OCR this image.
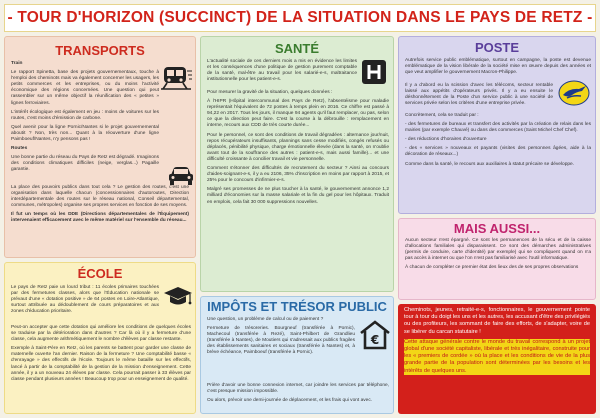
- TOUR D'HORIZON (SUCCINCT) DE LA SITUATION DANS LE PAYS DE RETZ -
TRANSPORTS

Train

Le rapport Spinetta, base des projets gouvernementaux, touche à l'emploi des cheminots mais va également concerner les usagers, les petits commerces et les entreprises, ou du moins l'activité économique des régions concernées. Une question qui peut rassembler sur un même objectif la réunification des « petites » lignes ferroviaires.

L'intérêt écologique est également en jeu : moins de voitures sur les routes, c'est moins d'émission de carbone.

Quel avenir pour la ligne Pornic/Nantes si le projet gouvernemental aboutit ? Non, très non... Quant à la réouverture d'une ligne Paimboeuf/Nantes, n'y pensons pas !

Routes

Une bonne partie du réseau du Pays de Retz est dégradé. Imaginons des conditions climatiques difficiles (neige, verglas...) Pagaille garantie.

La place des pouvoirs publics dans tout cela ? Le gestion des routes, c'est une organisation dans laquelle chacun (concessionnaires d'autoroutes, Direction interdépartementale des routes sur le réseau national, Conseil départemental, communes, métropoles) organise ses propres services en fonction de ses moyens.

Il fut un temps où les DDE (Directions départementales de l'Équipement) intervenaient efficacement avec le même matériel sur l'ensemble du réseau...

ÉCOLE

Le pays de Retz paie un lourd tribut : 11 écoles primaires touchées par des fermetures classes, alors que l'Éducation nationale se prévaut d'une « dotation positive » de 64 postes en Loire-Atlantique, surtout attribuée au dédoublement de cours préparatoires et aux zones d'éducation prioritaire.

Peut-on accepter que cette dotation qui améliore les conditions de quelques écoles se traduise par la détérioration dans d'autres ? Car là où il y a fermeture d'une classe, cela augmente arithmétiquement le nombre d'élèves par classe restante.

Exemple à Saint-Père en Retz, où les parents se battent pour garder une classe de maternelle ouverte l'an dernier. Raison de la fermeture ? Une comptabilité basse « d'enrayage » des effectifs de l'école. Toujours le même bataille sur les effectifs, lancé à partir de la comptabilité de la gestion de la mission d'enseignement. Cette année, il y a un nouveau 24 élèves par classe. Cela pourrait passer à 33 élèves par classe pendant plusieurs années ! Beaucoup trop pour un enseignement de qualité.

SANTÉ

L'actualité sociale de ces derniers mois a mis en évidence les limites et les conséquences d'une politique de gestion purement comptable de la santé, mal-être au travail pour les salarié-e-s, maltraitance institutionnelle pour les patient-e-s.

Pour mesurer la gravité de la situation, quelques données :

À l'HIPR (Hôpital intercommunal des Pays de Retz), l'absentéisme pour maladie représentait l'équivalent de 72 postes à temps plein en 2016. Ce chiffre est passé à 94,22 en 2017. Tous les jours, il manque 94 agents qu'il faut remplacer, ou pas, selon ce que la direction peut faire. C'est la course à la débrouille : remplacement en interne, recours aux CDD de très courte durée...

Pour le personnel, ce sont des conditions de travail dégradées : alternance jour/nuit, repos récupérateurs insuffisants, plannings sans cesse modifiés, congés refusés ou déplacés, pénibilité physique, charge émotionnelle élevée (dans la santé, on n'oublie avant tout de la souffrance des autres : patient-e-s, mais aussi famille)... et une difficulté croissante à concilier travail et vie personnelle.

Comment s'étonner des difficultés de recrutement du secteur ? Ainsi au concours d'aides-soignant-e-s, il y a eu 2106, 35% d'inscription en moins par rapport à 2015, et 25% pour le concours d'infirmier-e-s.

Malgré ses promesses de ne plus toucher à la santé, le gouvernement annonce 1,2 milliard d'économies sur la masse salariale et la fin du gel pour les hôpitaux. Traduit en emplois, cela fait 30 000 suppressions nouvelles.

IMPÔTS ET TRÉSOR PUBLIC

Une question, un problème de calcul ou de paiement ?

Fermeture de trésoreries. Bourgneuf (transférée à Pornic), Machecoul (transférée à Rezé), Saint-Philbert de Grandlieu (transférée à Nantes), de Moutiers qui s'adressait aux publics fragiles des établissements sanitaires et sociaux (transférée à Nantes) et, à brève échéance, Paimboeuf (transférée à Pornic).

Prière d'avoir une bonne connexion internet, car joindre les services par téléphone, c'est presque mission impossible.

Ou alors, prévoir une demi-journée de déplacement, et les frais qui vont avec.

€
POSTE

Autrefois service public emblématique, surtout en campagne, la poste est devenue emblématique de la vision libérale de la société mise en œuvre depuis des années et que veut amplifier le gouvernement Macron-Philippe.

Il y a d'abord eu la scission d'avec les télécoms, secteur rentable laissé aux appétits d'opérateurs privés. Il y a eu ensuite le déshonnêtement de la Poste d'un service public à une société de services privée selon les critères d'une entreprise privée.

Concrètement, cela se traduit par :

- des fermetures de bureaux et transfert des activités par la création de relais dans les mairies (par exemple Chauvé) ou dans des commerces (Saint Michel Chef Chef).

- des réductions d'horaires d'ouverture

- des « services » nouveaux et payants (visites des personnes âgées, aide à la décoration de réseaux...)

Comme dans la santé, le recours aux auxiliaires à statut précaire se développe.

MAIS AUSSI...

Aucun secteur n'est épargné. Ce sont les permanences de la sécu et de la caisse d'allocations familiales qui disparaissent. Ce sont des démarches administratives (permis de conduire, carte d'identité) par exemple) qui se compliquent quand on n'a pas accès à internet ou que l'on n'est pas familiarisé avec l'outil informatique.

À chacun de compléter ce premier état des lieux des de ses propres observations

Cheminots, jeunes, retraité-e-s, fonctionnaires, le gouvernement pointe tour à tour du doigt les uns et les autres, les accusant d'être des privilégiés ou des profiteurs, les sommant de faire des efforts, de s'adapter, voire de se libérer du carcan statutaire !

Cette attaque générale contre le monde du travail correspond à un projet global d'une société capitaliste, libérale et très inégalitaire, construite pour les « premiers de cordée » où la place et les conditions de vie de la plus grande partie de la population sont déterminées par les besoins et les intérêts de quelques uns.
